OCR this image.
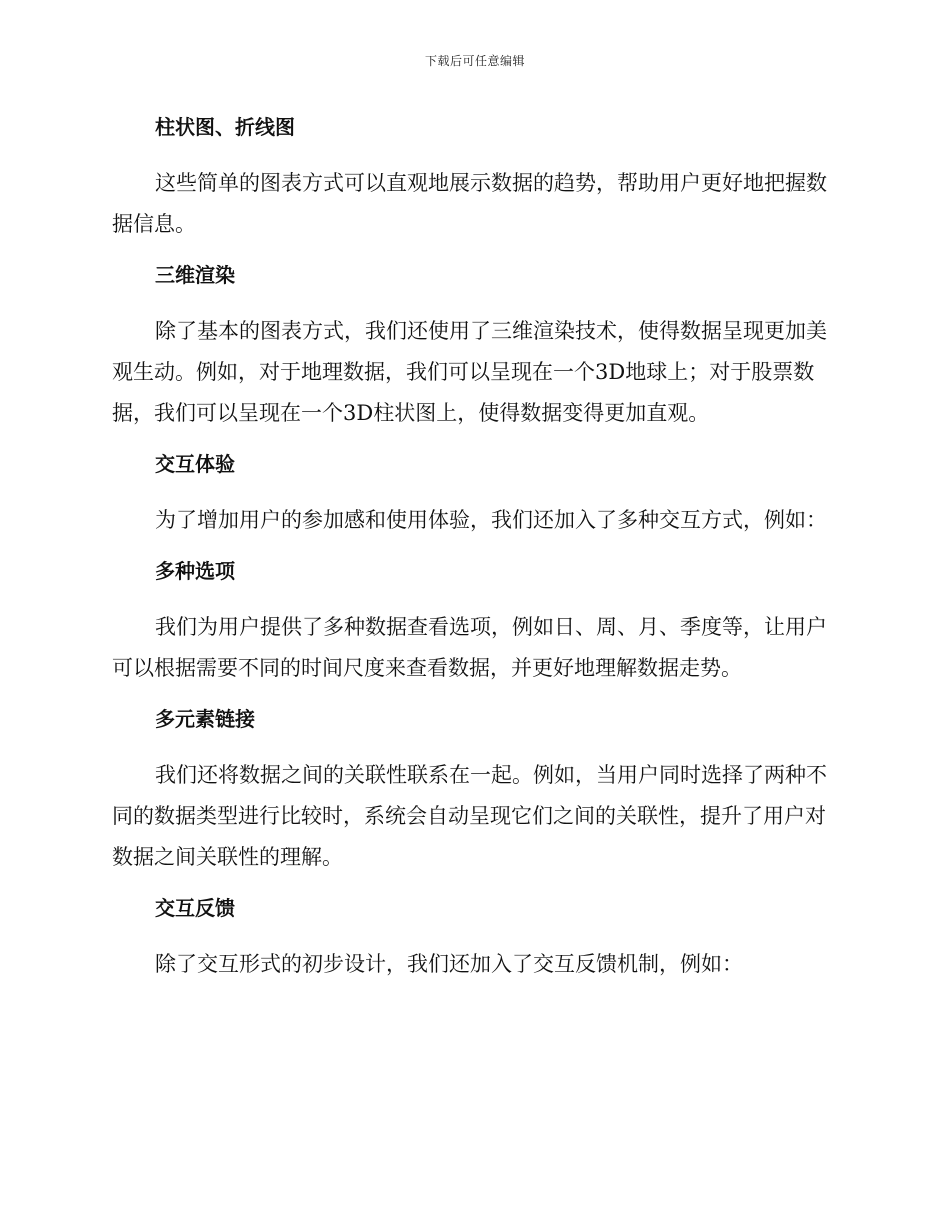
下载后可任意编辑
柱状图、折线图

这些简单的图表方式可以直观地展示数据的趋势，帮助用户更好地把握数据信息。

三维渲染

除了基本的图表方式，我们还使用了三维渲染技术，使得数据呈现更加美观生动。例如，对于地理数据，我们可以呈现在一个3D地球上；对于股票数据，我们可以呈现在一个3D柱状图上，使得数据变得更加直观。

交互体验

为了增加用户的参加感和使用体验，我们还加入了多种交互方式，例如：

多种选项

我们为用户提供了多种数据查看选项，例如日、周、月、季度等，让用户可以根据需要不同的时间尺度来查看数据，并更好地理解数据走势。

多元素链接

我们还将数据之间的关联性联系在一起。例如，当用户同时选择了两种不同的数据类型进行比较时，系统会自动呈现它们之间的关联性，提升了用户对数据之间关联性的理解。

交互反馈

除了交互形式的初步设计，我们还加入了交互反馈机制，例如：
